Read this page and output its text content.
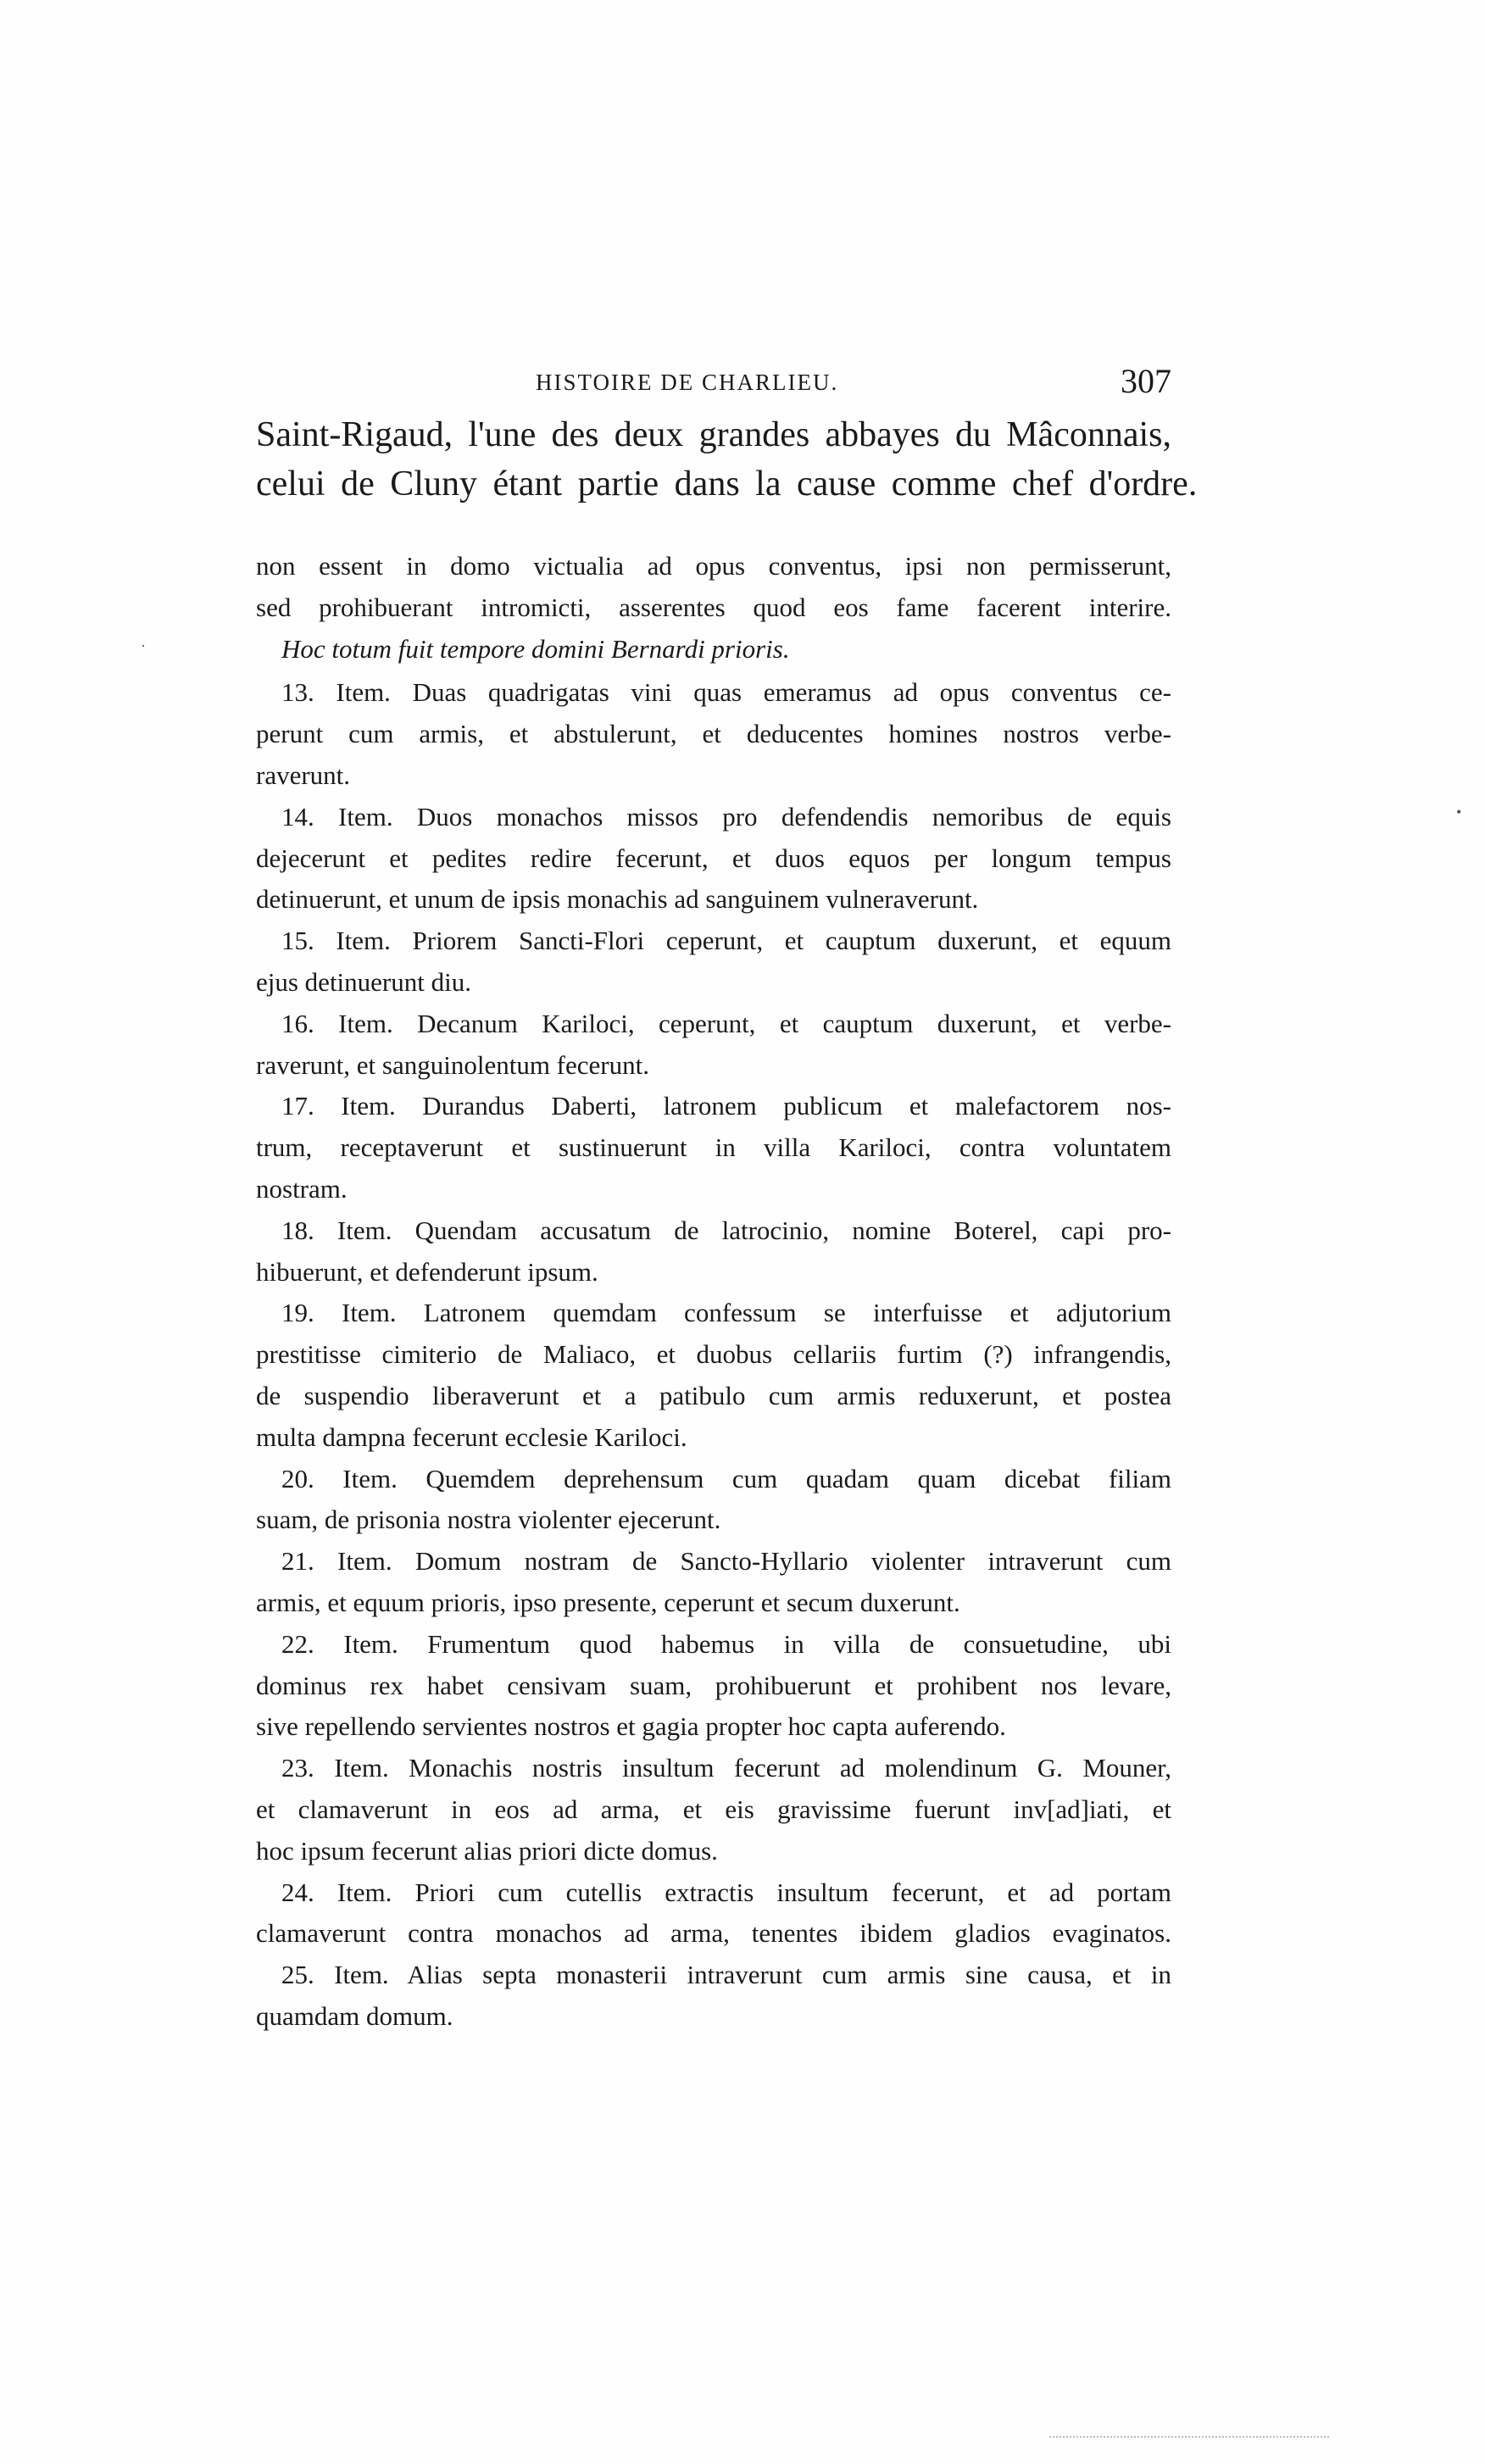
HISTOIRE DE CHARLIEU.	307
Saint-Rigaud, l'une des deux grandes abbayes du Mâconnais,
celui de Cluny étant partie dans la cause comme chef d'ordre.
non essent in domo victualia ad opus conventus, ipsi non permisserunt,
sed prohibuerant intromicti, asserentes quod eos fame facerent interire.
Hoc totum fuit tempore domini Bernardi prioris.
13. Item. Duas quadrigatas vini quas emeramus ad opus conventus ce-
perunt cum armis, et abstulerunt, et deducentes homines nostros verbe-
raverunt.
14. Item. Duos monachos missos pro defendendis nemoribus de equis
dejecerunt et pedites redire fecerunt, et duos equos per longum tempus
detinuerunt, et unum de ipsis monachis ad sanguinem vulneraverunt.
15. Item. Priorem Sancti-Flori ceperunt, et cauptum duxerunt, et equum
ejus detinuerunt diu.
16. Item. Decanum Kariloci, ceperunt, et cauptum duxerunt, et verbe-
raverunt, et sanguinolentum fecerunt.
17. Item. Durandus Daberti, latronem publicum et malefactorem nos-
trum, receptaverunt et sustinuerunt in villa Kariloci, contra voluntatem
nostram.
18. Item. Quendam accusatum de latrocinio, nomine Boterel, capi pro-
hibuerunt, et defenderunt ipsum.
19. Item. Latronem quemdam confessum se interfuisse et adjutorium
prestitisse cimiterio de Maliaco, et duobus cellariis furtim (?) infrangendis,
de suspendio liberaverunt et a patibulo cum armis reduxerunt, et postea
multa dampna fecerunt ecclesie Kariloci.
20. Item. Quemdem deprehensum cum quadam quam dicebat filiam
suam, de prisonia nostra violenter ejecerunt.
21. Item. Domum nostram de Sancto-Hyllario violenter intraverunt cum
armis, et equum prioris, ipso presente, ceperunt et secum duxerunt.
22. Item. Frumentum quod habemus in villa de consuetudine, ubi
dominus rex habet censivam suam, prohibuerunt et prohibent nos levare,
sive repellendo servientes nostros et gagia propter hoc capta auferendo.
23. Item. Monachis nostris insultum fecerunt ad molendinum G. Mouner,
et clamaverunt in eos ad arma, et eis gravissime fuerunt inv[ad]iati, et
hoc ipsum fecerunt alias priori dicte domus.
24. Item. Priori cum cutellis extractis insultum fecerunt, et ad portam
clamaverunt contra monachos ad arma, tenentes ibidem gladios evaginatos.
25. Item. Alias septa monasterii intraverunt cum armis sine causa, et in
quamdam domum.
•
·
